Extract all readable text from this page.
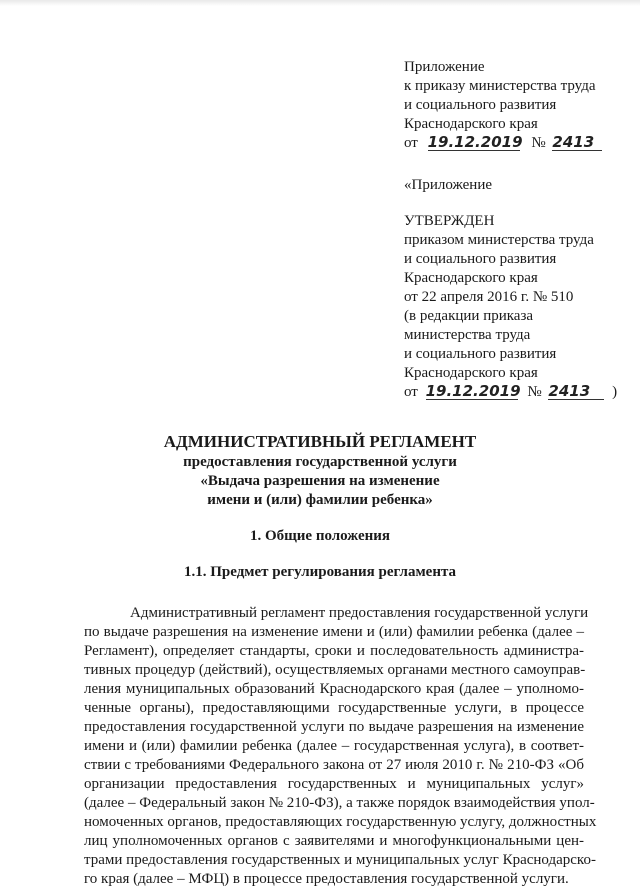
Приложение
к приказу министерства труда
и социального развития
Краснодарского края
от 19.12.2019 № 2413
«Приложение
УТВЕРЖДЕН
приказом министерства труда
и социального развития
Краснодарского края
от 22 апреля 2016 г. № 510
(в редакции приказа
министерства труда
и социального развития
Краснодарского края
от 19.12.2019 № 2413 )
АДМИНИСТРАТИВНЫЙ РЕГЛАМЕНТ
предоставления государственной услуги
«Выдача разрешения на изменение
имени и (или) фамилии ребенка»
1. Общие положения
1.1. Предмет регулирования регламента
Административный регламент предоставления государственной услуги
по выдаче разрешения на изменение имени и (или) фамилии ребенка (далее –
Регламент), определяет стандарты, сроки и последовательность администра-
тивных процедур (действий), осуществляемых органами местного самоуправ-
ления муниципальных образований Краснодарского края (далее – уполномо-
ченные органы), предоставляющими государственные услуги, в процессе
предоставления государственной услуги по выдаче разрешения на изменение
имени и (или) фамилии ребенка (далее – государственная услуга), в соответ-
ствии с требованиями Федерального закона от 27 июля 2010 г. № 210-ФЗ «Об
организации предоставления государственных и муниципальных услуг»
(далее – Федеральный закон № 210-ФЗ), а также порядок взаимодействия упол-
номоченных органов, предоставляющих государственную услугу, должностных
лиц уполномоченных органов с заявителями и многофункциональными цен-
трами предоставления государственных и муниципальных услуг Краснодарско-
го края (далее – МФЦ) в процессе предоставления государственной услуги.
